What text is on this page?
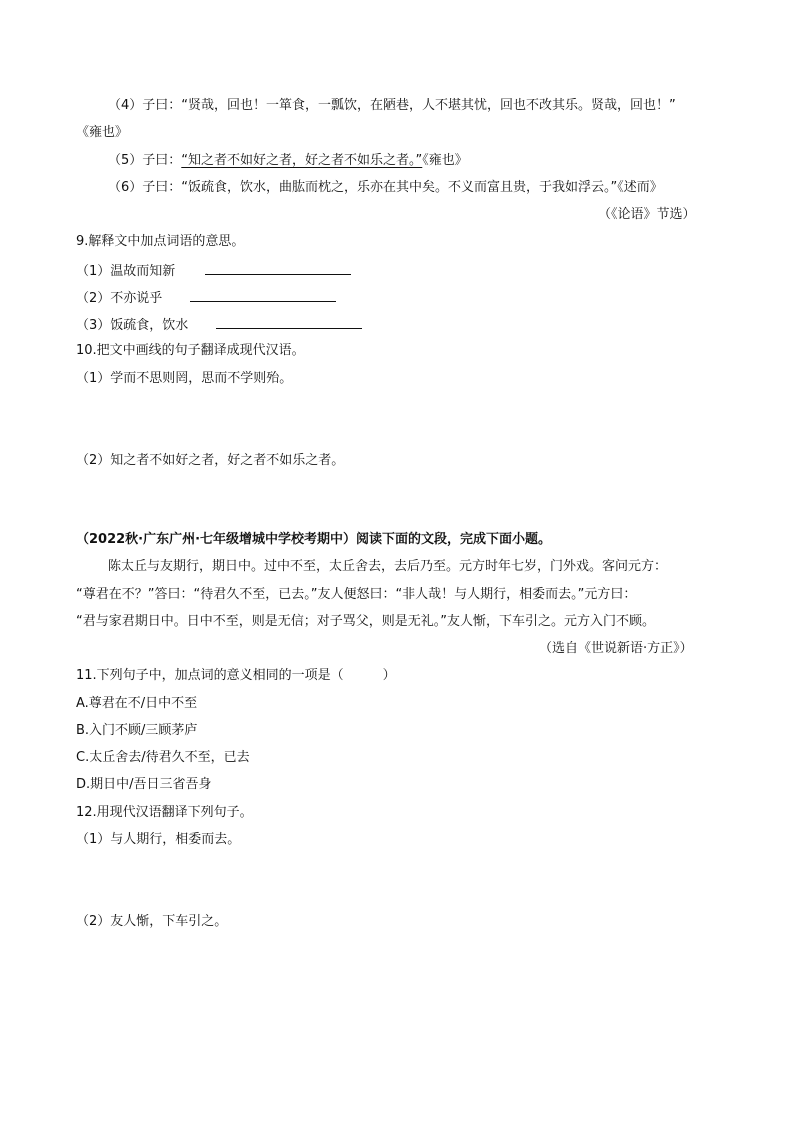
（4）子曰：“贤哉，回也！一箪食，一瓢饮，在陋巷，人不堪其忧，回也不改其乐。贤哉，回也！”
《雍也》
（5）子曰：“知之者不如好之者，好之者不如乐之者。”《雍也》
（6）子曰：“饭疏食，饮水，曲肱而枕之，乐亦在其中矣。不义而富且贵，于我如浮云。”《述而》
（《论语》节选）
9.解释文中加点词语的意思。
（1）温故而知新
（2）不亦说乎
（3）饭疏食，饮水
10.把文中画线的句子翻译成现代汉语。
（1）学而不思则罔，思而不学则殆。
（2）知之者不如好之者，好之者不如乐之者。
（2022秋·广东广州·七年级增城中学校考期中）阅读下面的文段，完成下面小题。
陈太丘与友期行，期日中。过中不至，太丘舍去，去后乃至。元方时年七岁，门外戏。客问元方：
“尊君在不？”答曰：“待君久不至，已去。”友人便怒曰：“非人哉！与人期行，相委而去。”元方曰：
“君与家君期日中。日中不至，则是无信；对子骂父，则是无礼。”友人惭，下车引之。元方入门不顾。
（选自《世说新语·方正》）
11.下列句子中，加点词的意义相同的一项是（　　　）
A.尊君在不/日中不至
B.入门不顾/三顾茅庐
C.太丘舍去/待君久不至，已去
D.期日中/吾日三省吾身
12.用现代汉语翻译下列句子。
（1）与人期行，相委而去。
（2）友人惭，下车引之。
